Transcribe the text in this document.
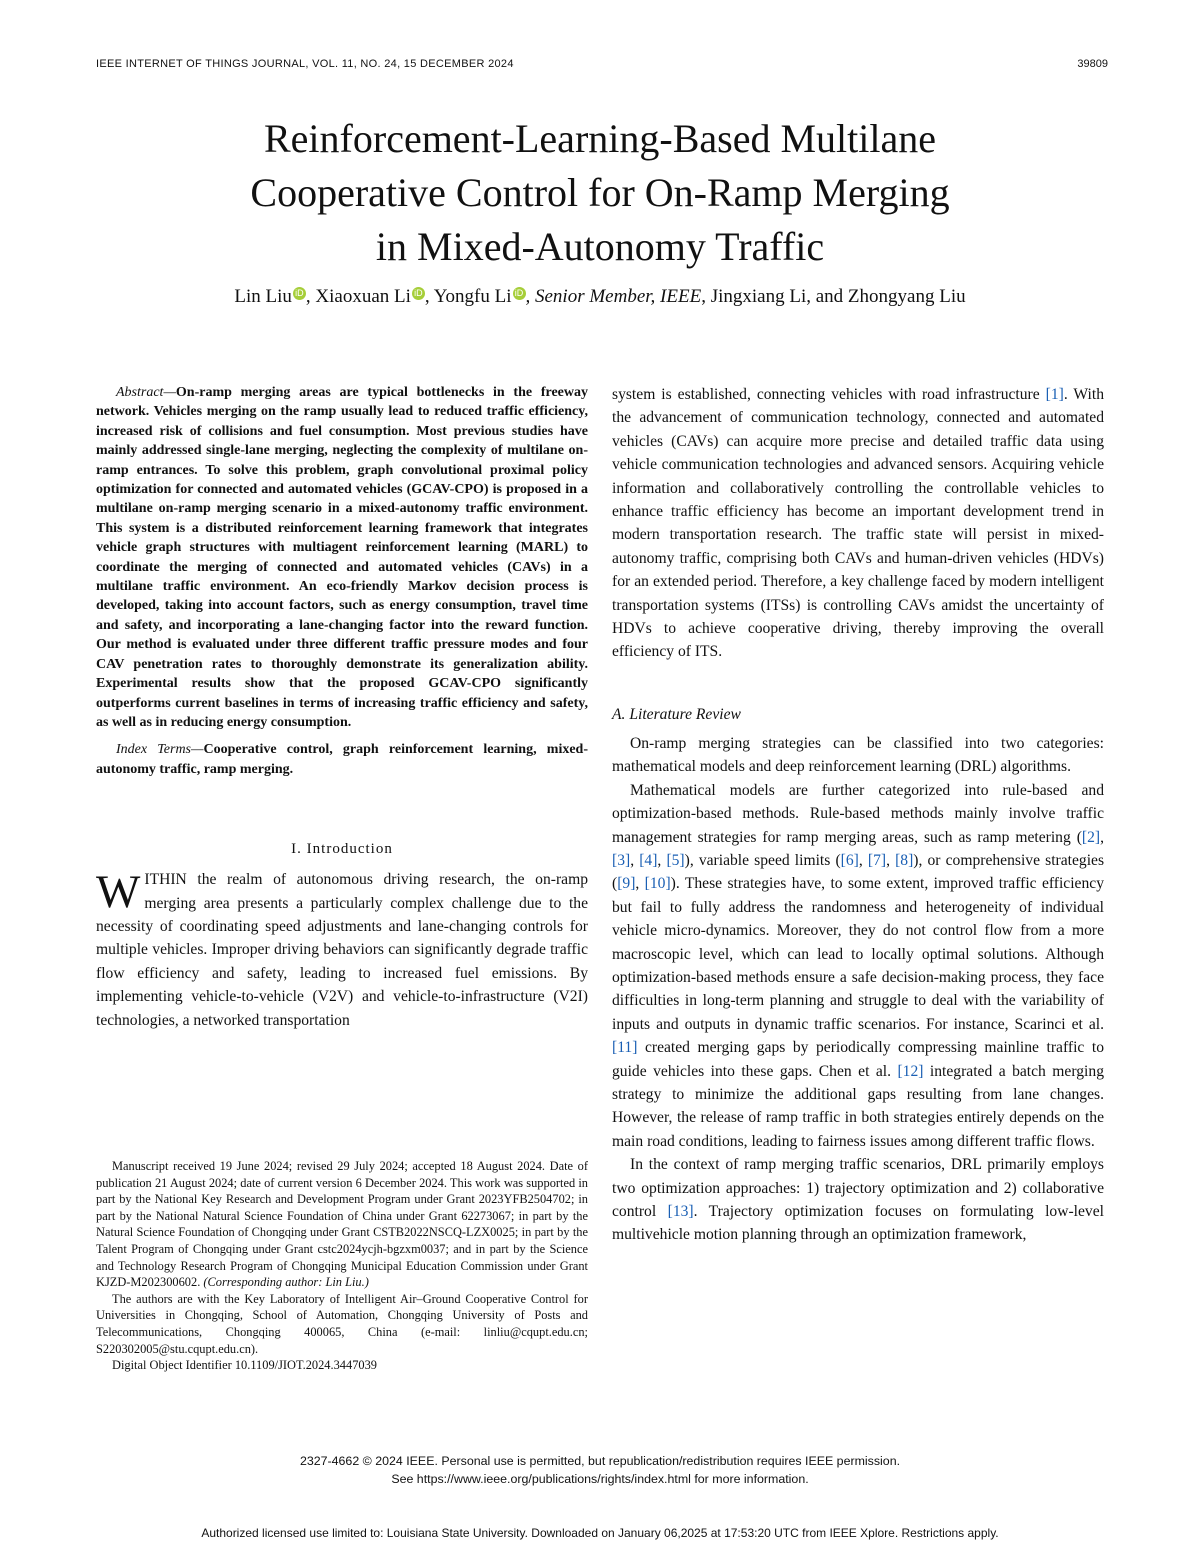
IEEE INTERNET OF THINGS JOURNAL, VOL. 11, NO. 24, 15 DECEMBER 2024	39809
Reinforcement-Learning-Based Multilane
Cooperative Control for On-Ramp Merging
in Mixed-Autonomy Traffic
Lin Liu iD , Xiaoxuan Li iD , Yongfu Li iD , Senior Member, IEEE, Jingxiang Li, and Zhongyang Liu

Abstract—On-ramp merging areas are typical bottlenecks in the freeway network. Vehicles merging on the ramp usually lead to reduced traffic efficiency, increased risk of collisions and fuel consumption. Most previous studies have mainly addressed single-lane merging, neglecting the complexity of multilane on-ramp entrances. To solve this problem, graph convolutional proximal policy optimization for connected and automated vehicles (GCAV-CPO) is proposed in a multilane on-ramp merging scenario in a mixed-autonomy traffic environment. This system is a distributed reinforcement learning framework that integrates vehicle graph structures with multiagent reinforcement learning (MARL) to coordinate the merging of connected and automated vehicles (CAVs) in a multilane traffic environment. An eco-friendly Markov decision process is developed, taking into account factors, such as energy consumption, travel time and safety, and incorporating a lane-changing factor into the reward function. Our method is evaluated under three different traffic pressure modes and four CAV penetration rates to thoroughly demonstrate its generalization ability. Experimental results show that the proposed GCAV-CPO significantly outperforms current baselines in terms of increasing traffic efficiency and safety, as well as in reducing energy consumption.

Index Terms—Cooperative control, graph reinforcement learning, mixed-autonomy traffic, ramp merging.

I. Introduction

WITHIN the realm of autonomous driving research, the on-ramp merging area presents a particularly complex challenge due to the necessity of coordinating speed adjustments and lane-changing controls for multiple vehicles. Improper driving behaviors can significantly degrade traffic flow efficiency and safety, leading to increased fuel emissions. By implementing vehicle-to-vehicle (V2V) and vehicle-to-infrastructure (V2I) technologies, a networked transportation

system is established, connecting vehicles with road infrastructure [1]. With the advancement of communication technology, connected and automated vehicles (CAVs) can acquire more precise and detailed traffic data using vehicle communication technologies and advanced sensors. Acquiring vehicle information and collaboratively controlling the controllable vehicles to enhance traffic efficiency has become an important development trend in modern transportation research. The traffic state will persist in mixed-autonomy traffic, comprising both CAVs and human-driven vehicles (HDVs) for an extended period. Therefore, a key challenge faced by modern intelligent transportation systems (ITSs) is controlling CAVs amidst the uncertainty of HDVs to achieve cooperative driving, thereby improving the overall efficiency of ITS.

A. Literature Review

On-ramp merging strategies can be classified into two categories: mathematical models and deep reinforcement learning (DRL) algorithms.

Mathematical models are further categorized into rule-based and optimization-based methods. Rule-based methods mainly involve traffic management strategies for ramp merging areas, such as ramp metering ([2], [3], [4], [5]), variable speed limits ([6], [7], [8]), or comprehensive strategies ([9], [10]). These strategies have, to some extent, improved traffic efficiency but fail to fully address the randomness and heterogeneity of individual vehicle micro-dynamics. Moreover, they do not control flow from a more macroscopic level, which can lead to locally optimal solutions. Although optimization-based methods ensure a safe decision-making process, they face difficulties in long-term planning and struggle to deal with the variability of inputs and outputs in dynamic traffic scenarios. For instance, Scarinci et al. [11] created merging gaps by periodically compressing mainline traffic to guide vehicles into these gaps. Chen et al. [12] integrated a batch merging strategy to minimize the additional gaps resulting from lane changes. However, the release of ramp traffic in both strategies entirely depends on the main road conditions, leading to fairness issues among different traffic flows.

In the context of ramp merging traffic scenarios, DRL primarily employs two optimization approaches: 1) trajectory optimization and 2) collaborative control [13]. Trajectory optimization focuses on formulating low-level multivehicle motion planning through an optimization framework,

Manuscript received 19 June 2024; revised 29 July 2024; accepted 18 August 2024. Date of publication 21 August 2024; date of current version 6 December 2024. This work was supported in part by the National Key Research and Development Program under Grant 2023YFB2504702; in part by the National Natural Science Foundation of China under Grant 62273067; in part by the Natural Science Foundation of Chongqing under Grant CSTB2022NSCQ-LZX0025; in part by the Talent Program of Chongqing under Grant cstc2024ycjh-bgzxm0037; and in part by the Science and Technology Research Program of Chongqing Municipal Education Commission under Grant KJZD-M202300602. (Corresponding author: Lin Liu.)

The authors are with the Key Laboratory of Intelligent Air–Ground Cooperative Control for Universities in Chongqing, School of Automation, Chongqing University of Posts and Telecommunications, Chongqing 400065, China (e-mail: linliu@cqupt.edu.cn; S220302005@stu.cqupt.edu.cn).

Digital Object Identifier 10.1109/JIOT.2024.3447039

2327-4662 © 2024 IEEE. Personal use is permitted, but republication/redistribution requires IEEE permission.
See https://www.ieee.org/publications/rights/index.html for more information.
Authorized licensed use limited to: Louisiana State University. Downloaded on January 06,2025 at 17:53:20 UTC from IEEE Xplore. Restrictions apply.
